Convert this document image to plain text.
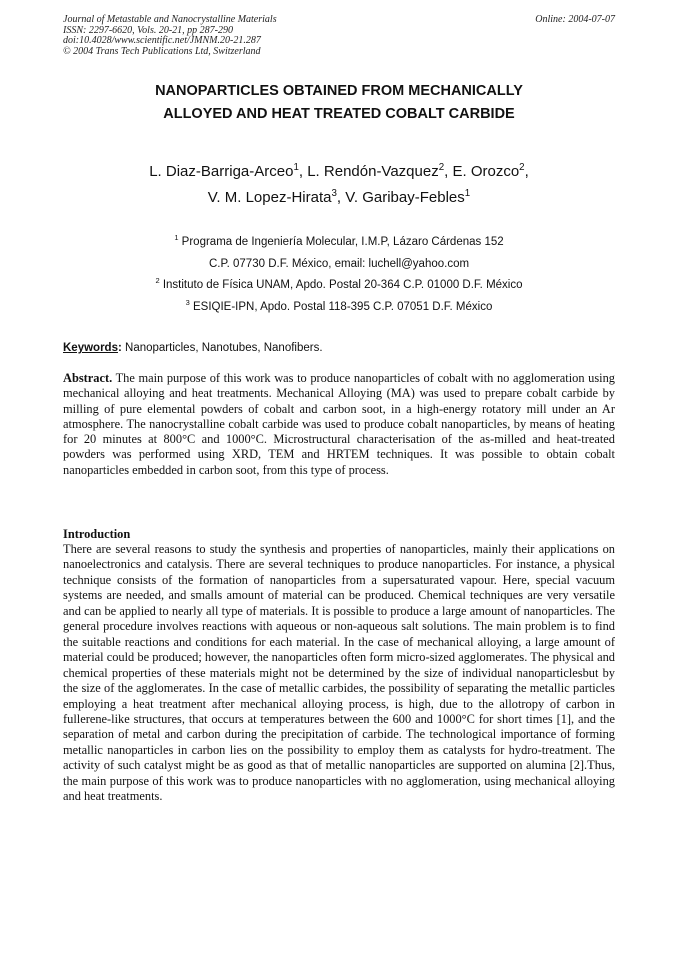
Journal of Metastable and Nanocrystalline Materials
ISSN: 2297-6620, Vols. 20-21, pp 287-290
doi:10.4028/www.scientific.net/JMNM.20-21.287
© 2004 Trans Tech Publications Ltd, Switzerland
Online: 2004-07-07
NANOPARTICLES OBTAINED FROM MECHANICALLY
ALLOYED AND HEAT TREATED COBALT CARBIDE
L. Diaz-Barriga-Arceo$^1$, L. Rendón-Vazquez$^2$, E. Orozco$^2$,
V. M. Lopez-Hirata$^3$, V. Garibay-Febles$^1$
$^1$ Programa de Ingeniería Molecular, I.M.P, Lázaro Cárdenas 152
C.P. 07730 D.F. México, email: luchell@yahoo.com
$^2$ Instituto de Física UNAM, Apdo. Postal 20-364 C.P. 01000 D.F. México
$^3$ ESIQIE-IPN, Apdo. Postal 118-395 C.P. 07051 D.F. México
Keywords: Nanoparticles, Nanotubes, Nanofibers.
Abstract. The main purpose of this work was to produce nanoparticles of cobalt with no agglomeration using mechanical alloying and heat treatments. Mechanical Alloying (MA) was used to prepare cobalt carbide by milling of pure elemental powders of cobalt and carbon soot, in a high-energy rotatory mill under an Ar atmosphere. The nanocrystalline cobalt carbide was used to produce cobalt nanoparticles, by means of heating for 20 minutes at 800°C and 1000°C. Microstructural characterisation of the as-milled and heat-treated powders was performed using XRD, TEM and HRTEM techniques. It was possible to obtain cobalt nanoparticles embedded in carbon soot, from this type of process.
Introduction
There are several reasons to study the synthesis and properties of nanoparticles, mainly their applications on nanoelectronics and catalysis. There are several techniques to produce nanoparticles. For instance, a physical technique consists of the formation of nanoparticles from a supersaturated vapour. Here, special vacuum systems are needed, and smalls amount of material can be produced. Chemical techniques are very versatile and can be applied to nearly all type of materials. It is possible to produce a large amount of nanoparticles. The general procedure involves reactions with aqueous or non-aqueous salt solutions. The main problem is to find the suitable reactions and conditions for each material. In the case of mechanical alloying, a large amount of material could be produced; however, the nanoparticles often form micro-sized agglomerates. The physical and chemical properties of these materials might not be determined by the size of individual nanoparticlesbut by the size of the agglomerates. In the case of metallic carbides, the possibility of separating the metallic particles employing a heat treatment after mechanical alloying process, is high, due to the allotropy of carbon in fullerene-like structures, that occurs at temperatures between the 600 and 1000°C for short times [1], and the separation of metal and carbon during the precipitation of carbide. The technological importance of forming metallic nanoparticles in carbon lies on the possibility to employ them as catalysts for hydro-treatment. The activity of such catalyst might be as good as that of metallic nanoparticles are supported on alumina [2].Thus, the main purpose of this work was to produce nanoparticles with no agglomeration, using mechanical alloying and heat treatments.
